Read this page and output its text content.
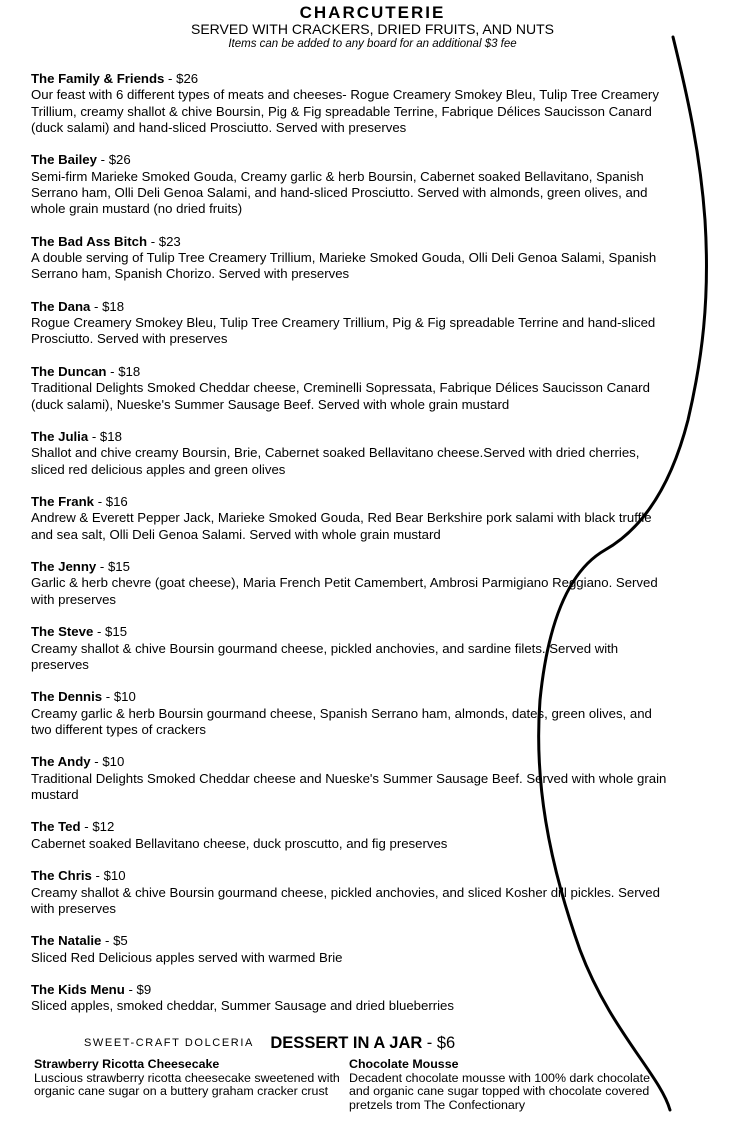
CHARCUTERIE
SERVED WITH CRACKERS, DRIED FRUITS, AND NUTS
Items can be added to any board for an additional $3 fee
The Family & Friends - $26
Our feast with 6 different types of meats and cheeses- Rogue Creamery Smokey Bleu, Tulip Tree Creamery Trillium, creamy shallot & chive Boursin, Pig & Fig spreadable Terrine, Fabrique Délices Saucisson Canard (duck salami) and hand-sliced Prosciutto. Served with preserves
The Bailey - $26
Semi-firm Marieke Smoked Gouda, Creamy garlic & herb Boursin, Cabernet soaked Bellavitano, Spanish Serrano ham, Olli Deli Genoa Salami, and hand-sliced Prosciutto. Served with almonds, green olives, and whole grain mustard (no dried fruits)
The Bad Ass Bitch - $23
A double serving of Tulip Tree Creamery Trillium, Marieke Smoked Gouda, Olli Deli Genoa Salami, Spanish Serrano ham, Spanish Chorizo. Served with preserves
The Dana - $18
Rogue Creamery Smokey Bleu, Tulip Tree Creamery Trillium, Pig & Fig spreadable Terrine and hand-sliced Prosciutto. Served with preserves
The Duncan - $18
Traditional Delights Smoked Cheddar cheese, Creminelli Sopressata, Fabrique Délices Saucisson Canard (duck salami), Nueske's Summer Sausage Beef. Served with whole grain mustard
The Julia - $18
Shallot and chive creamy Boursin, Brie, Cabernet soaked Bellavitano cheese.Served with dried cherries, sliced red delicious apples and green olives
The Frank - $16
Andrew & Everett Pepper Jack, Marieke Smoked Gouda, Red Bear Berkshire pork salami with black truffle and sea salt, Olli Deli Genoa Salami. Served with whole grain mustard
The Jenny - $15
Garlic & herb chevre (goat cheese), Maria French Petit Camembert, Ambrosi Parmigiano Reggiano. Served with preserves
The Steve - $15
Creamy shallot & chive Boursin gourmand cheese, pickled anchovies, and sardine filets. Served with preserves
The Dennis - $10
Creamy garlic & herb Boursin gourmand cheese, Spanish Serrano ham, almonds, dates, green olives, and two different types of crackers
The Andy - $10
Traditional Delights Smoked Cheddar cheese and Nueske's Summer Sausage Beef. Served with whole grain mustard
The Ted - $12
Cabernet soaked Bellavitano cheese, duck proscutto, and fig preserves
The Chris - $10
Creamy shallot & chive Boursin gourmand cheese, pickled anchovies, and sliced Kosher dill pickles. Served with preserves
The Natalie - $5
Sliced Red Delicious apples served with warmed Brie
The Kids Menu - $9
Sliced apples, smoked cheddar, Summer Sausage and dried blueberries
SWEET-CRAFT DOLCERIA DESSERT IN A JAR - $6
Strawberry Ricotta Cheesecake
Luscious strawberry ricotta cheesecake sweetened with organic cane sugar on a buttery graham cracker crust
Chocolate Mousse
Decadent chocolate mousse with 100% dark chocolate and organic cane sugar topped with chocolate covered pretzels trom The Confectionary
